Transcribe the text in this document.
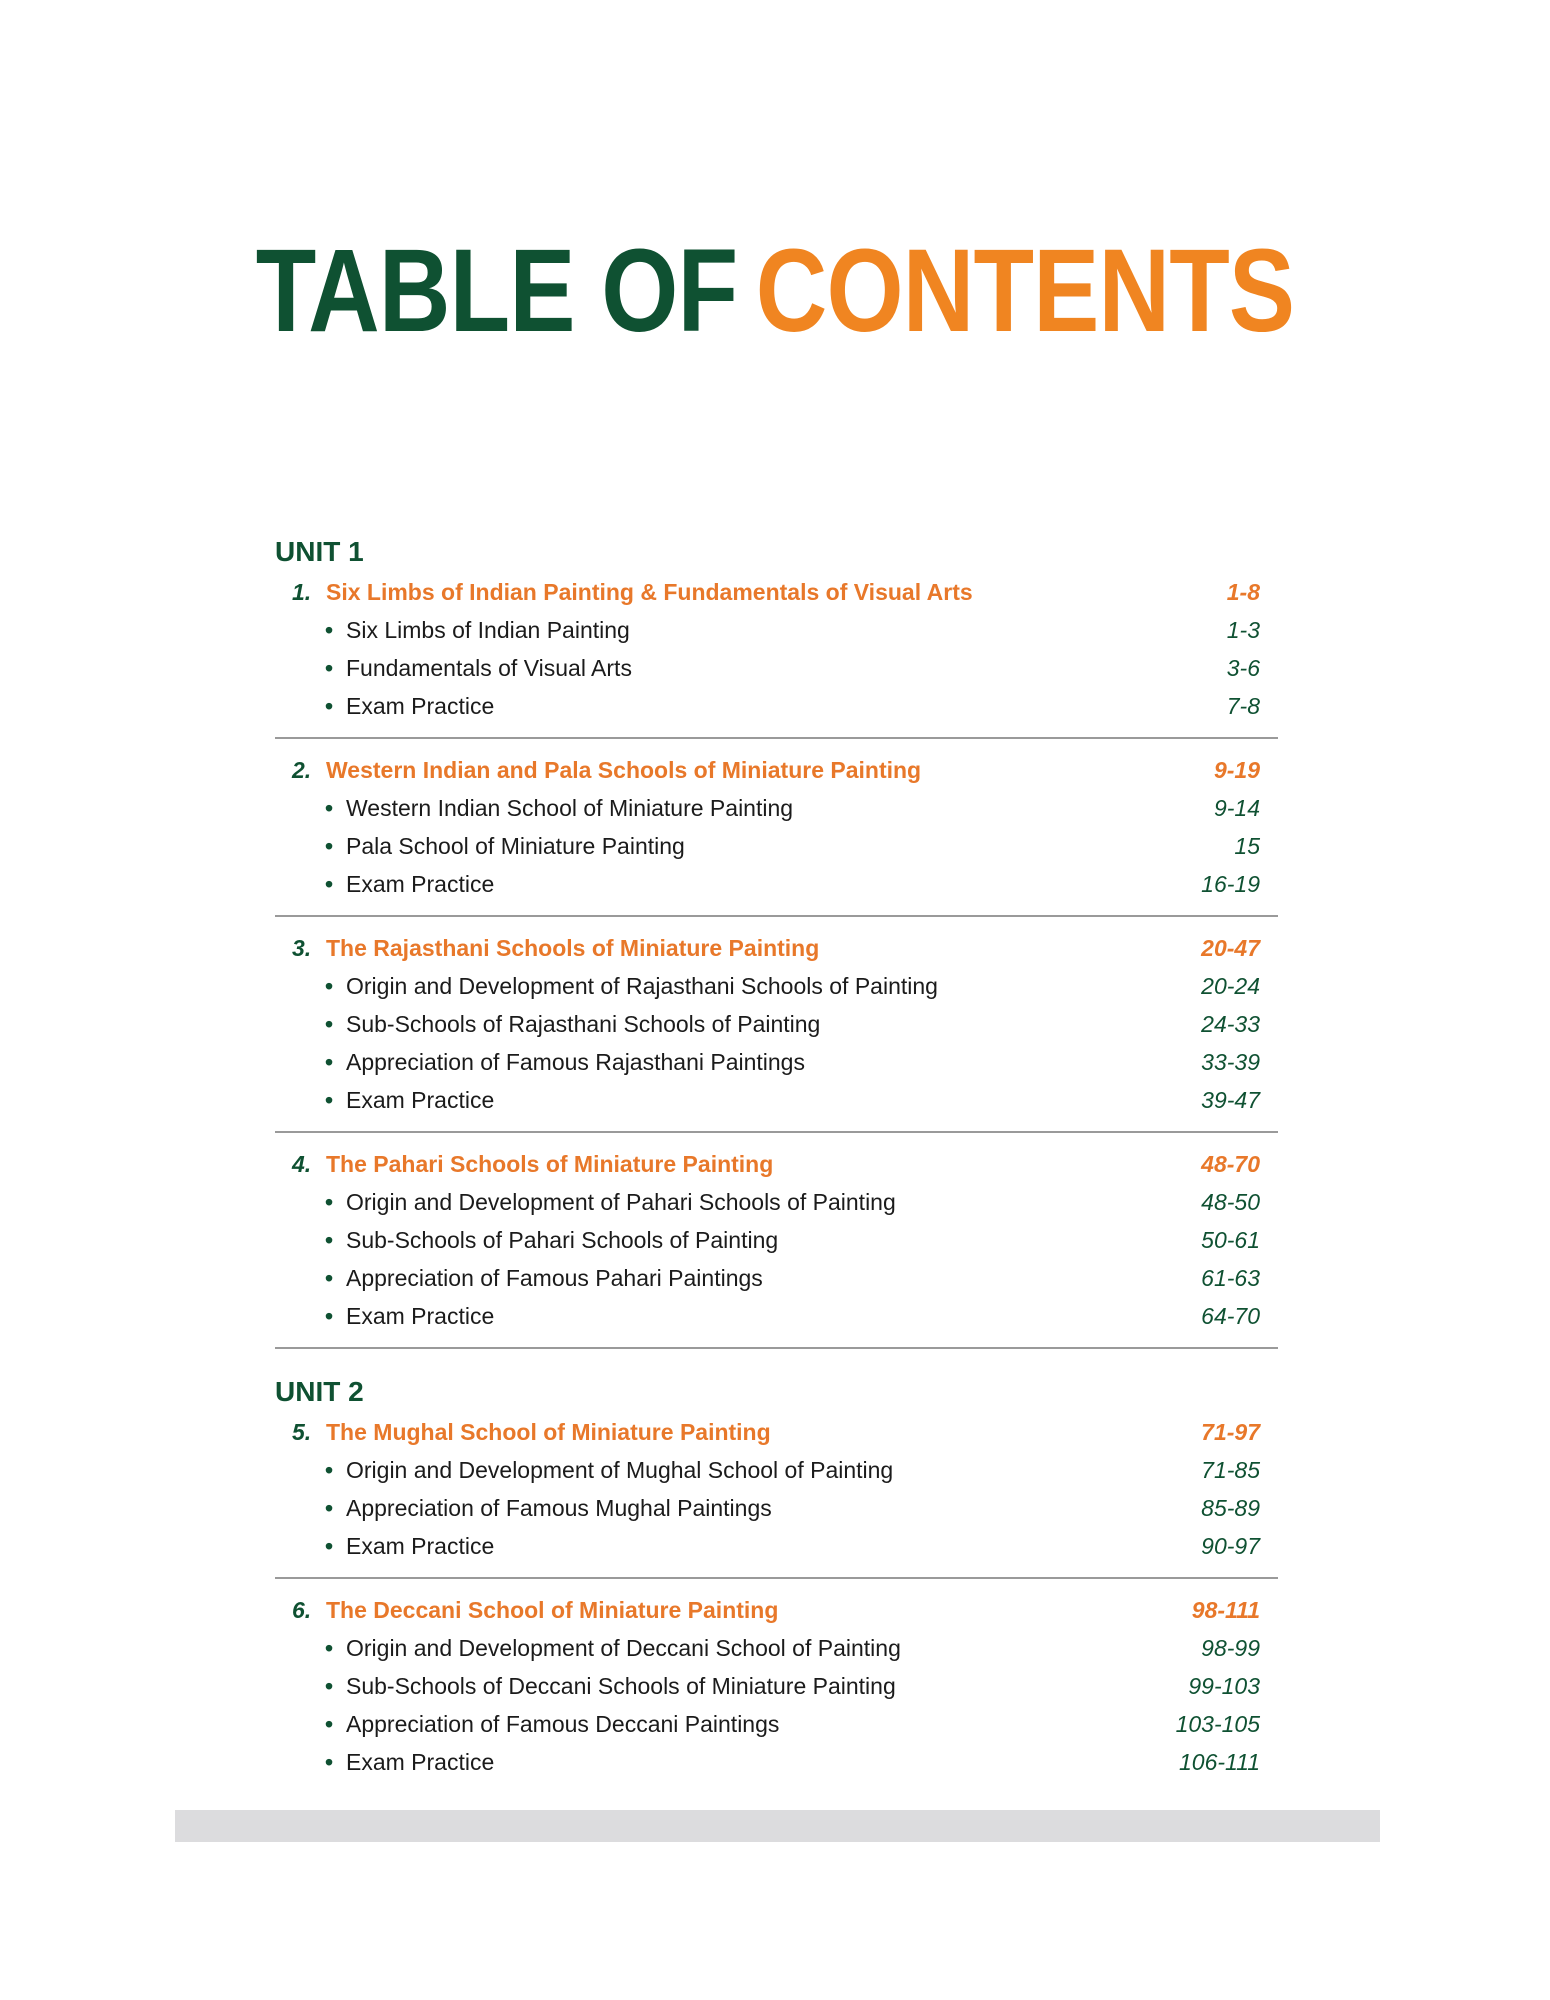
TABLE OF CONTENTS
UNIT 1
1. Six Limbs of Indian Painting & Fundamentals of Visual Arts	1-8
• Six Limbs of Indian Painting	1-3
• Fundamentals of Visual Arts	3-6
• Exam Practice	7-8
2. Western Indian and Pala Schools of Miniature Painting	9-19
• Western Indian School of Miniature Painting	9-14
• Pala School of Miniature Painting	15
• Exam Practice	16-19
3. The Rajasthani Schools of Miniature Painting	20-47
• Origin and Development of Rajasthani Schools of Painting	20-24
• Sub-Schools of Rajasthani Schools of Painting	24-33
• Appreciation of Famous Rajasthani Paintings	33-39
• Exam Practice	39-47
4. The Pahari Schools of Miniature Painting	48-70
• Origin and Development of Pahari Schools of Painting	48-50
• Sub-Schools of Pahari Schools of Painting	50-61
• Appreciation of Famous Pahari Paintings	61-63
• Exam Practice	64-70
UNIT 2
5. The Mughal School of Miniature Painting	71-97
• Origin and Development of Mughal School of Painting	71-85
• Appreciation of Famous Mughal Paintings	85-89
• Exam Practice	90-97
6. The Deccani School of Miniature Painting	98-111
• Origin and Development of Deccani School of Painting	98-99
• Sub-Schools of Deccani Schools of Miniature Painting	99-103
• Appreciation of Famous Deccani Paintings	103-105
• Exam Practice	106-111
